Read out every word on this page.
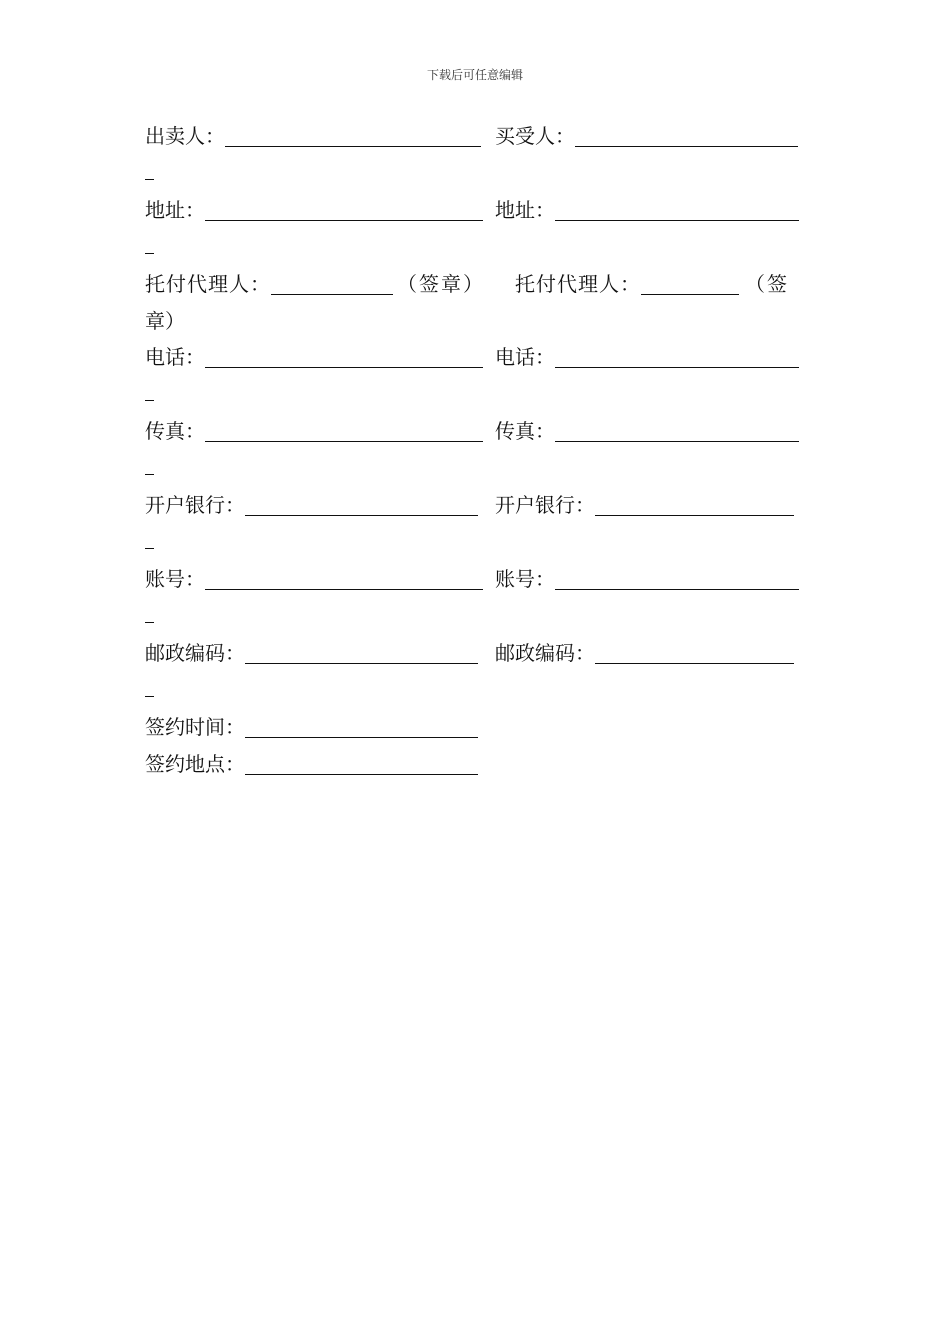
下载后可任意编辑
出卖人：	买受人：
地址：	地址：
托付代理人：	（签章） 托付代理人：	（签
章）
电话：	电话：
传真：	传真：
开户银行：	开户银行：
账号：	账号：
邮政编码：	邮政编码：
签约时间：
签约地点：
